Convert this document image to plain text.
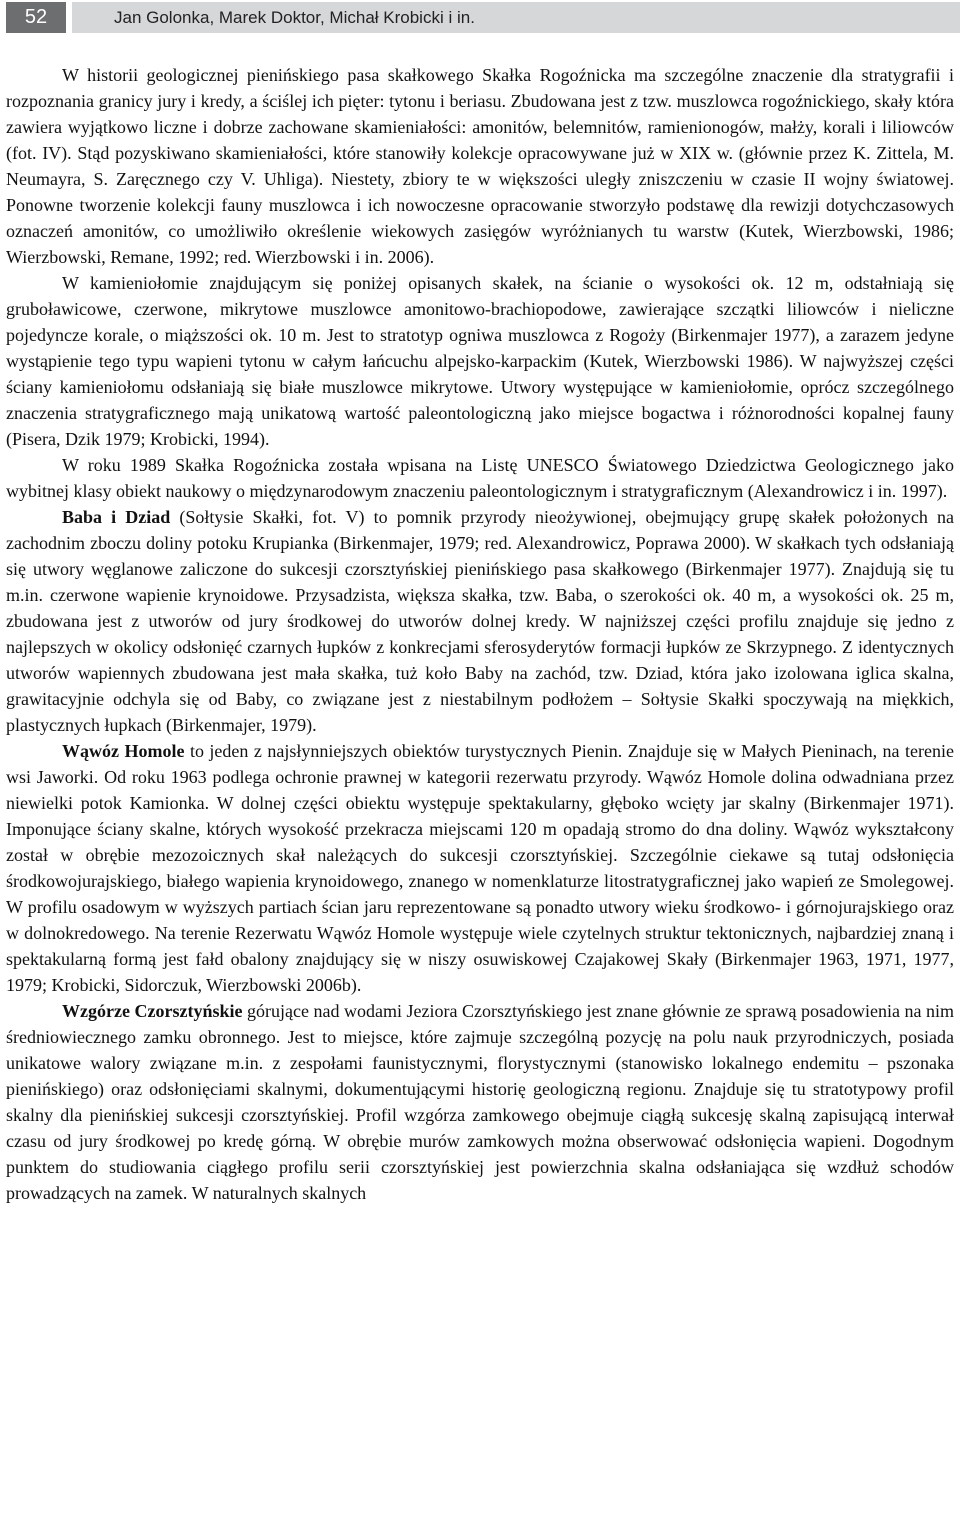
52	Jan Golonka, Marek Doktor, Michał Krobicki i in.

W historii geologicznej pienińskiego pasa skałkowego Skałka Rogoźnicka ma szczególne znaczenie dla stratygrafii i rozpoznania granicy jury i kredy, a ściślej ich pięter: tytonu i beriasu. Zbudowana jest z tzw. muszlowca rogoźnickiego, skały która zawiera wyjątkowo liczne i dobrze zachowane skamieniałości: amonitów, belemnitów, ramienionogów, małży, korali i liliowców (fot. IV). Stąd pozyskiwano skamieniałości, które stanowiły kolekcje opracowywane już w XIX w. (głównie przez K. Zittela, M. Neumayra, S. Zaręcznego czy V. Uhliga). Niestety, zbiory te w większości uległy zniszczeniu w czasie II wojny światowej. Ponowne tworzenie kolekcji fauny muszlowca i ich nowoczesne opracowanie stworzyło podstawę dla rewizji dotychczasowych oznaczeń amonitów, co umożliwiło określenie wiekowych zasięgów wyróżnianych tu warstw (Kutek, Wierzbowski, 1986; Wierzbowski, Remane, 1992; red. Wierzbowski i in. 2006).

W kamieniołomie znajdującym się poniżej opisanych skałek, na ścianie o wysokości ok. 12 m, odstałniają się gruboławicowe, czerwone, mikrytowe muszlowce amonitowo-brachiopodowe, zawierające szczątki liliowców i nieliczne pojedyncze korale, o miąższości ok. 10 m. Jest to stratotyp ogniwa muszlowca z Rogoży (Birkenmajer 1977), a zarazem jedyne wystąpienie tego typu wapieni tytonu w całym łańcuchu alpejsko-karpackim (Kutek, Wierzbowski 1986). W najwyższej części ściany kamieniołomu odsłaniają się białe muszlowce mikrytowe. Utwory występujące w kamieniołomie, oprócz szczególnego znaczenia stratygraficznego mają unikatową wartość paleontologiczną jako miejsce bogactwa i różnorodności kopalnej fauny (Pisera, Dzik 1979; Krobicki, 1994).

W roku 1989 Skałka Rogoźnicka została wpisana na Listę UNESCO Światowego Dziedzictwa Geologicznego jako wybitnej klasy obiekt naukowy o międzynarodowym znaczeniu paleontologicznym i stratygraficznym (Alexandrowicz i in. 1997).

Baba i Dziad (Sołtysie Skałki, fot. V) to pomnik przyrody nieożywionej, obejmujący grupę skałek położonych na zachodnim zboczu doliny potoku Krupianka (Birkenmajer, 1979; red. Alexandrowicz, Poprawa 2000). W skałkach tych odsłaniają się utwory węglanowe zaliczone do sukcesji czorsztyńskiej pienińskiego pasa skałkowego (Birkenmajer 1977). Znajdują się tu m.in. czerwone wapienie krynoidowe. Przysadzista, większa skałka, tzw. Baba, o szerokości ok. 40 m, a wysokości ok. 25 m, zbudowana jest z utworów od jury środkowej do utworów dolnej kredy. W najniższej części profilu znajduje się jedno z najlepszych w okolicy odsłonięć czarnych łupków z konkrecjami sferosyderytów formacji łupków ze Skrzypnego. Z identycznych utworów wapiennych zbudowana jest mała skałka, tuż koło Baby na zachód, tzw. Dziad, która jako izolowana iglica skalna, grawitacyjnie odchyla się od Baby, co związane jest z niestabilnym podłożem – Sołtysie Skałki spoczywają na miękkich, plastycznych łupkach (Birkenmajer, 1979).

Wąwóz Homole to jeden z najsłynniejszych obiektów turystycznych Pienin. Znajduje się w Małych Pieninach, na terenie wsi Jaworki. Od roku 1963 podlega ochronie prawnej w kategorii rezerwatu przyrody. Wąwóz Homole dolina odwadniana przez niewielki potok Kamionka. W dolnej części obiektu występuje spektakularny, głęboko wcięty jar skalny (Birkenmajer 1971). Imponujące ściany skalne, których wysokość przekracza miejscami 120 m opadają stromo do dna doliny. Wąwóz wykształcony został w obrębie mezozoicznych skał należących do sukcesji czorsztyńskiej. Szczególnie ciekawe są tutaj odsłonięcia środkowojurajskiego, białego wapienia krynoidowego, znanego w nomenklaturze litostratygraficznej jako wapień ze Smolegowej. W profilu osadowym w wyższych partiach ścian jaru reprezentowane są ponadto utwory wieku środkowo- i górnojurajskiego oraz w dolnokredowego. Na terenie Rezerwatu Wąwóz Homole występuje wiele czytelnych struktur tektonicznych, najbardziej znaną i spektakularną formą jest fałd obalony znajdujący się w niszy osuwiskowej Czajakowej Skały (Birkenmajer 1963, 1971, 1977, 1979; Krobicki, Sidorczuk, Wierzbowski 2006b).

Wzgórze Czorsztyńskie górujące nad wodami Jeziora Czorsztyńskiego jest znane głównie ze sprawą posadowienia na nim średniowiecznego zamku obronnego. Jest to miejsce, które zajmuje szczególną pozycję na polu nauk przyrodniczych, posiada unikatowe walory związane m.in. z zespołami faunistycznymi, florystycznymi (stanowisko lokalnego endemitu – pszonaka pienińskiego) oraz odsłonięciami skalnymi, dokumentującymi historię geologiczną regionu. Znajduje się tu stratotypowy profil skalny dla pienińskiej sukcesji czorsztyńskiej. Profil wzgórza zamkowego obejmuje ciągłą sukcesję skalną zapisującą interwał czasu od jury środkowej po kredę górną. W obrębie murów zamkowych można obserwować odsłonięcia wapieni. Dogodnym punktem do studiowania ciągłego profilu serii czorsztyńskiej jest powierzchnia skalna odsłaniająca się wzdłuż schodów prowadzących na zamek. W naturalnych skalnych
